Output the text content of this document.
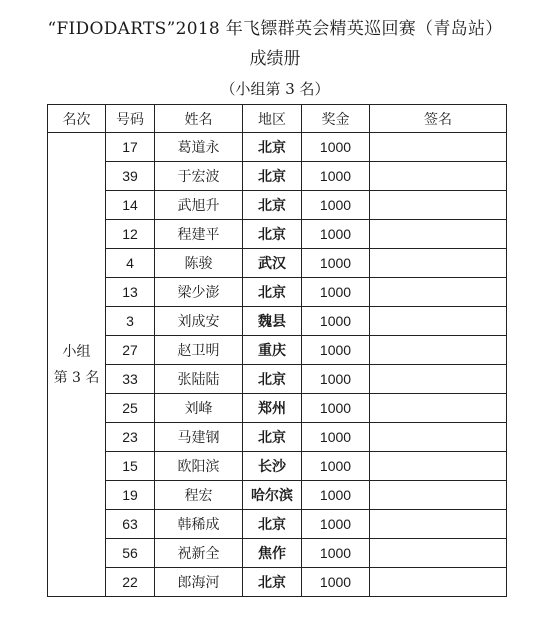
“FIDODARTS”2018 年飞镖群英会精英巡回赛（青岛站）
成绩册
（小组第 3 名）
名次	号码	姓名	地区	奖金	签名

小组
第 3 名	17	葛道永	北京	1000	
	39	于宏波	北京	1000	
	14	武旭升	北京	1000	
	12	程建平	北京	1000	
	4	陈骏	武汉	1000	
	13	梁少澎	北京	1000	
	3	刘成安	魏县	1000	
	27	赵卫明	重庆	1000	
	33	张陆陆	北京	1000	
	25	刘峰	郑州	1000	
	23	马建钢	北京	1000	
	15	欧阳滨	长沙	1000	
	19	程宏	哈尔滨	1000	
	63	韩稀成	北京	1000	
	56	祝新全	焦作	1000	
	22	郎海河	北京	1000	
